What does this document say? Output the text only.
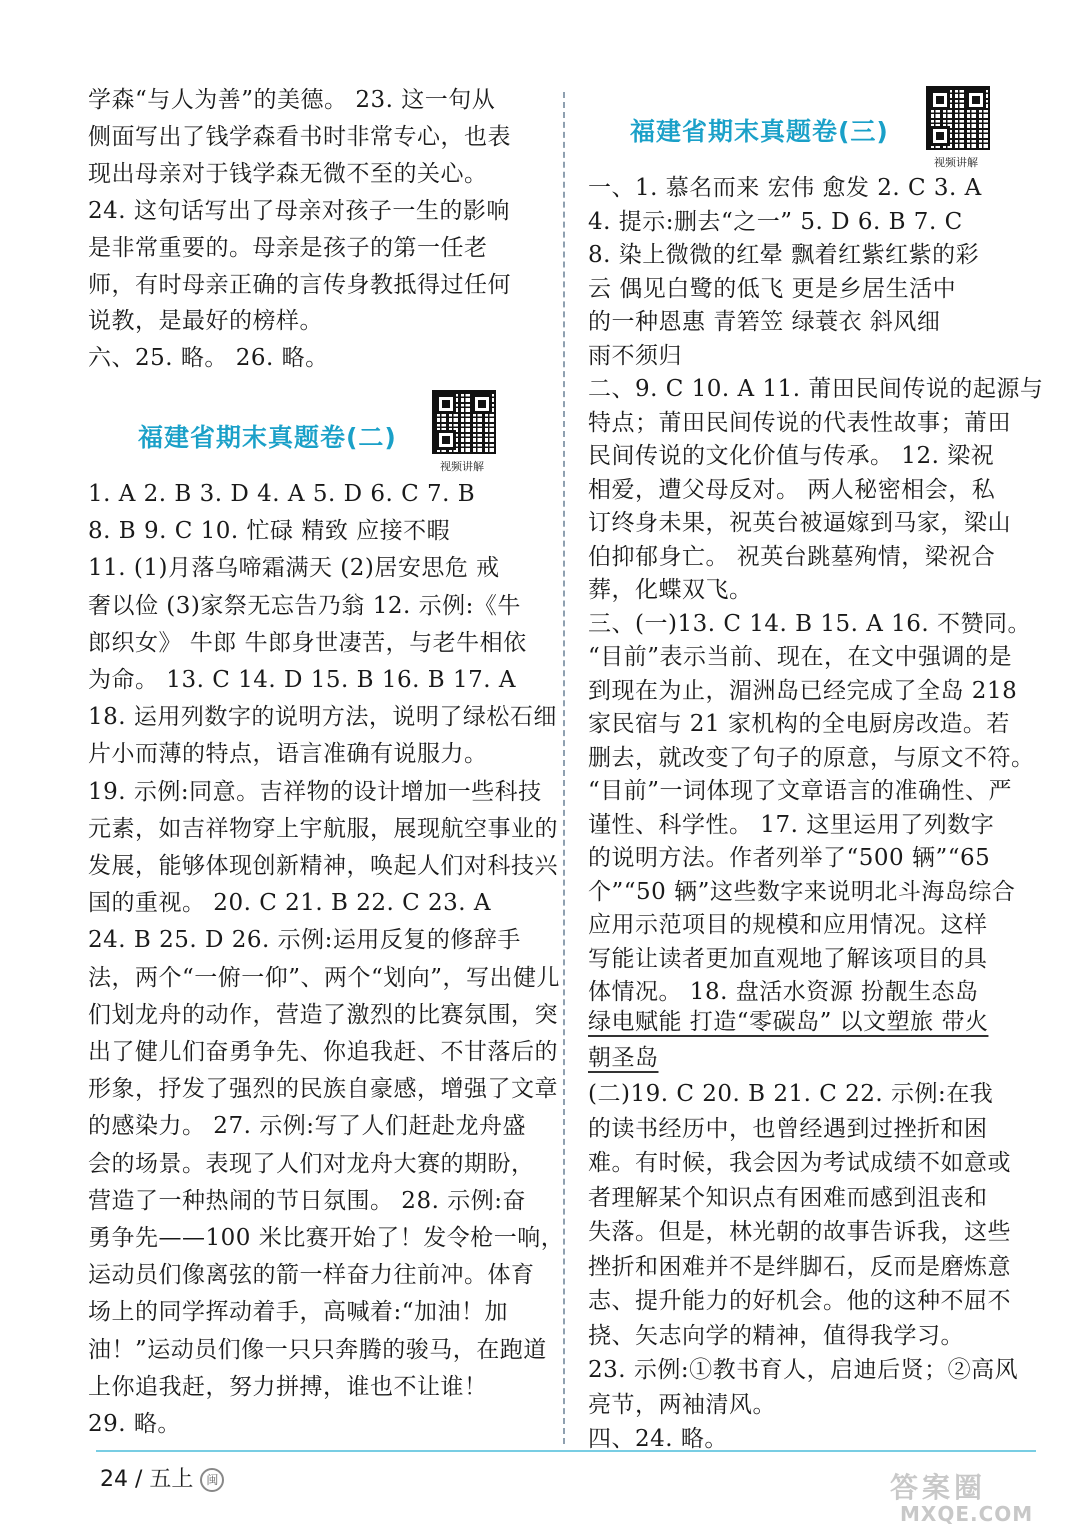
学森“与人为善”的美德。 23. 这一句从
侧面写出了钱学森看书时非常专心，也表
现出母亲对于钱学森无微不至的关心。
24. 这句话写出了母亲对孩子一生的影响
是非常重要的。母亲是孩子的第一任老
师，有时母亲正确的言传身教抵得过任何
说教，是最好的榜样。
六、25. 略。 26. 略。
福建省期末真题卷(二)
视频讲解
1. A 2. B 3. D 4. A 5. D 6. C 7. B
8. B 9. C 10. 忙碌 精致 应接不暇
11. (1)月落乌啼霜满天 (2)居安思危 戒
奢以俭 (3)家祭无忘告乃翁 12. 示例:《牛
郎织女》 牛郎 牛郎身世凄苦，与老牛相依
为命。 13. C 14. D 15. B 16. B 17. A
18. 运用列数字的说明方法，说明了绿松石细
片小而薄的特点，语言准确有说服力。
19. 示例:同意。吉祥物的设计增加一些科技
元素，如吉祥物穿上宇航服，展现航空事业的
发展，能够体现创新精神，唤起人们对科技兴
国的重视。 20. C 21. B 22. C 23. A
24. B 25. D 26. 示例:运用反复的修辞手
法，两个“一俯一仰”、两个“划向”，写出健儿
们划龙舟的动作，营造了激烈的比赛氛围，突
出了健儿们奋勇争先、你追我赶、不甘落后的
形象，抒发了强烈的民族自豪感，增强了文章
的感染力。 27. 示例:写了人们赶赴龙舟盛
会的场景。表现了人们对龙舟大赛的期盼，
营造了一种热闹的节日氛围。 28. 示例:奋
勇争先——100 米比赛开始了！发令枪一响，
运动员们像离弦的箭一样奋力往前冲。体育
场上的同学挥动着手，高喊着:“加油！加
油！”运动员们像一只只奔腾的骏马，在跑道
上你追我赶，努力拼搏，谁也不让谁！
29. 略。
福建省期末真题卷(三)
视频讲解
一、1. 慕名而来 宏伟 愈发 2. C 3. A
4. 提示:删去“之一” 5. D 6. B 7. C
8. 染上微微的红晕 飘着红紫红紫的彩
云 偶见白鹭的低飞 更是乡居生活中
的一种恩惠 青箬笠 绿蓑衣 斜风细
雨不须归
二、9. C 10. A 11. 莆田民间传说的起源与
特点；莆田民间传说的代表性故事；莆田
民间传说的文化价值与传承。 12. 梁祝
相爱，遭父母反对。 两人秘密相会，私
订终身未果，祝英台被逼嫁到马家，梁山
伯抑郁身亡。 祝英台跳墓殉情，梁祝合
葬，化蝶双飞。
三、(一)13. C 14. B 15. A 16. 不赞同。
“目前”表示当前、现在，在文中强调的是
到现在为止，湄洲岛已经完成了全岛 218
家民宿与 21 家机构的全电厨房改造。若
删去，就改变了句子的原意，与原文不符。
“目前”一词体现了文章语言的准确性、严
谨性、科学性。 17. 这里运用了列数字
的说明方法。作者列举了“500 辆”“65
个”“50 辆”这些数字来说明北斗海岛综合
应用示范项目的规模和应用情况。这样
写能让读者更加直观地了解该项目的具
体情况。 18. 盘活水资源 扮靓生态岛
绿电赋能 打造“零碳岛” 以文塑旅 带火
朝圣岛
(二)19. C 20. B 21. C 22. 示例:在我
的读书经历中，也曾经遇到过挫折和困
难。有时候，我会因为考试成绩不如意或
者理解某个知识点有困难而感到沮丧和
失落。但是，林光朝的故事告诉我，这些
挫折和困难并不是绊脚石，反而是磨炼意
志、提升能力的好机会。他的这种不屈不
挠、矢志向学的精神，值得我学习。
23. 示例:①教书育人，启迪后贤；②高风
亮节，两袖清风。
四、24. 略。
24 / 五上 闽	答案圈
MXQE.COM
